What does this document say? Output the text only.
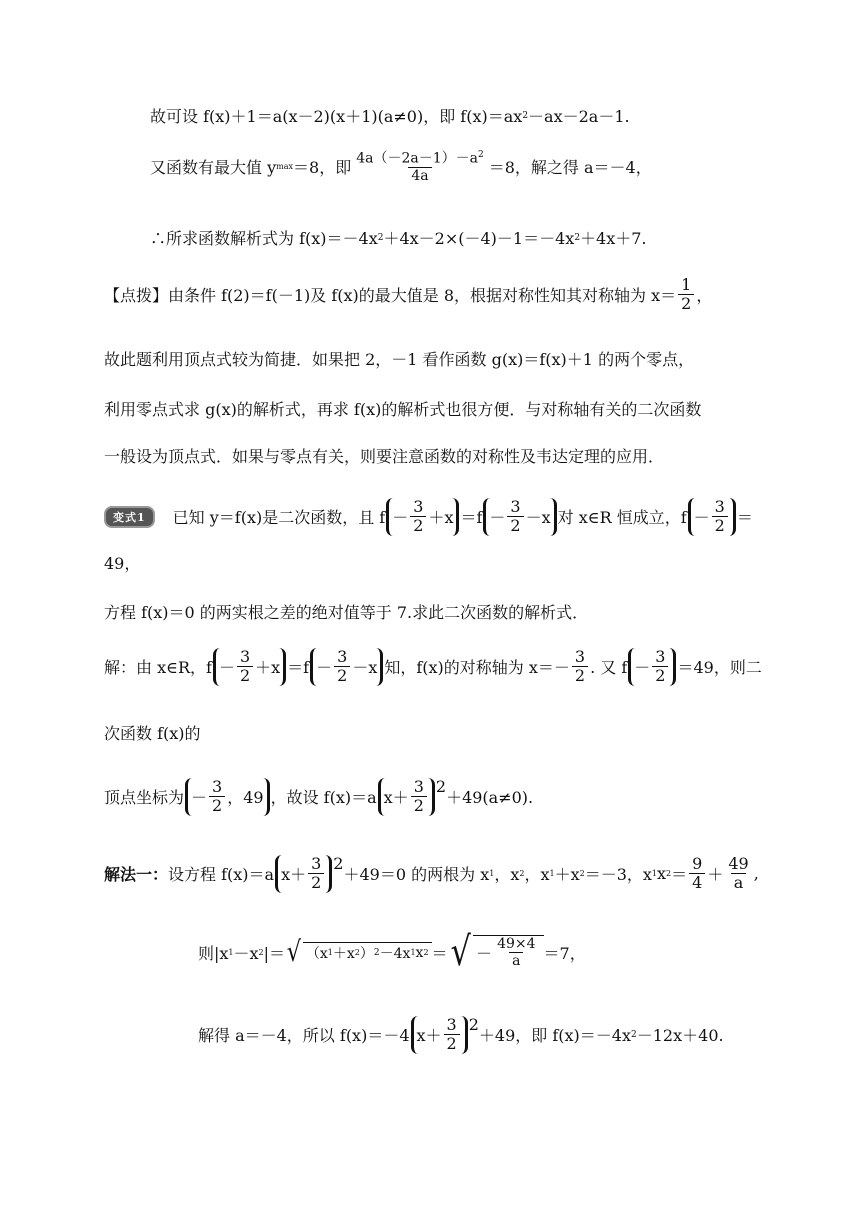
故可设 f(x)＋1＝a(x－2)(x＋1)(a≠0)，即 f(x)＝ax 2 －ax－2a－1.
又函数有最大值 y max ＝8，即 $\frac{4a(-2a-1)-a^2}{4a} =8$，解之得 a＝－4，
∴所求函数解析式为 f(x)＝－4x 2 ＋4x－2×(－4)－1＝－4x 2 ＋4x＋7.
【点拨】由条件 f(2)＝f(－1)及 f(x)的最大值是 8，根据对称性知其对称轴为 $x= \frac{1}{2}$ ，
故此题利用顶点式较为简捷．如果把 2，－1 看作函数 g(x)＝f(x)＋1 的两个零点，
利用零点式求 g(x)的解析式，再求 f(x)的解析式也很方便．与对称轴有关的二次函数
一般设为顶点式．如果与零点有关，则要注意函数的对称性及韦达定理的应用．
变式1	已知 y＝f(x)是二次函数，且 $f - \frac{3}{2} +x =f - \frac{3}{2} -x$ 对 x∈R 恒成立，$f - \frac{3}{2}$ ＝
49，
方程 f(x)＝0 的两实根之差的绝对值等于 7.求此二次函数的解析式．
解：由 x∈R，$f - \frac{3}{2} +x =f - \frac{3}{2} -x$ 知，f(x)的对称轴为 $x=- \frac{3}{2}$ . 又 $f - \frac{3}{2} =49$，则二
次函数 f(x)的
顶点坐标为 － $\frac{3}{2}$ ，49 ，故设 f(x)＝a $x+ \frac{3}{2} 2$
＋49(a≠0).
解法一： 设方程 f(x)＝a $x+ \frac{3}{2} 2$
＋49＝0 的两根为 x 1 ，x 2 ，x 1 ＋x 2 ＝－3，x 1 x $2 = \frac{9}{4} + \frac{49}{a}$ ,
则|x 1 －x 2 |＝ √ （x 1 ＋x 2 ） 2 －4x 1 x 2 ＝ √ － $\frac{49\times 4}{a} =7$，
解得 a＝－4，所以 f(x)＝－4 $x+ \frac{3}{2} 2$
＋49，即 f(x)＝－4x 2 －12x＋40.
